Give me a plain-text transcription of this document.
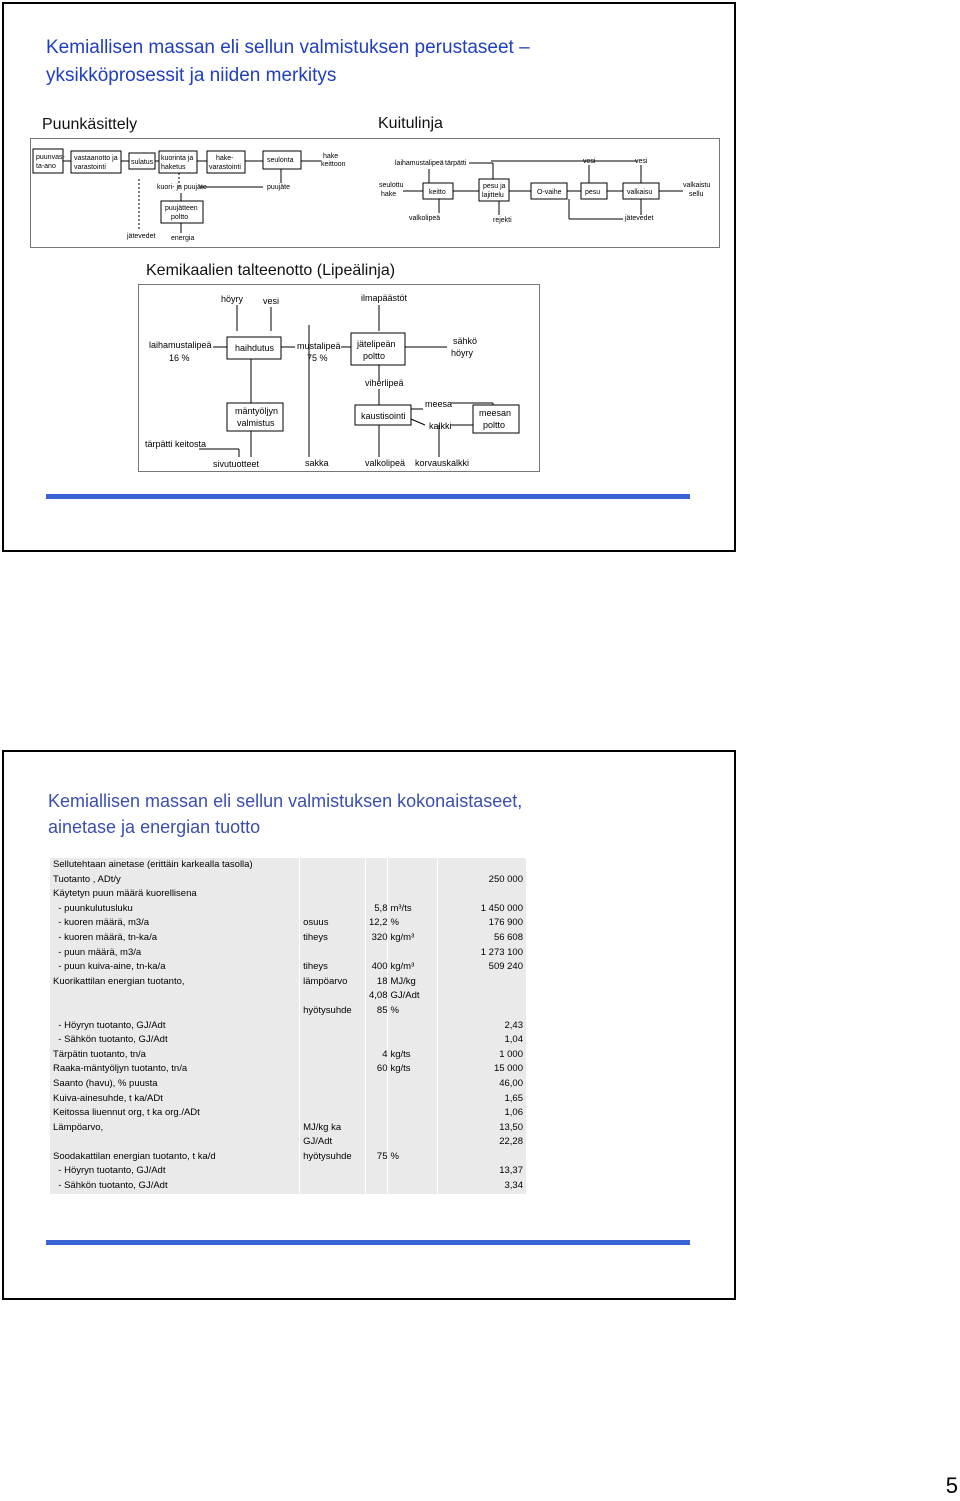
Kemiallisen massan eli sellun valmistuksen perustaseet –
yksikköprosessit ja niiden merkitys
Puunkäsittely	Kuitulinja
puunvas-
ta-ano
vastaanotto ja
varastointi
sulatus
kuorinta ja
haketus
hake-
varastointi
seulonta
hake
keittoon
kuori- ja puujäte	puujäte
puujätteen
poltto
jätevedet energia
laihamustalipeä tärpätti	vesi	vesi
seulottu
hake	keitto
pesu ja
lajittelu	O-vaihe	pesu	valkaisu
valkaistu
sellu
valkolipeä	rejekti	jätevedet
Kemikaalien talteenotto (Lipeälinja)
höyry vesi	ilmapäästöt
laihamustalipeä
16 %
haihdutus	mustalipeä
75 %
jätelipeän
poltto
sähkö
höyry
viherlipeä
mäntyöljyn
valmistus
kaustisointi
meesa
meesan
poltto
kalkki
tärpätti keitosta
sivutuotteet	sakka	valkolipeä korvauskalkki
Kemiallisen massan eli sellun valmistuksen kokonaistaseet,
ainetase ja energian tuotto
Sellutehtaan ainetase (erittäin karkealla tasolla)				
Tuotanto , ADt/y				250 000
Käytetyn puun määrä kuorellisena				
- puunkulutusluku		5,8	m³/ts	1 450 000
- kuoren määrä, m3/a	osuus	12,2	%	176 900
- kuoren määrä, tn-ka/a	tiheys	320	kg/m³	56 608
- puun määrä, m3/a				1 273 100
- puun kuiva-aine, tn-ka/a	tiheys	400	kg/m³	509 240
Kuorikattilan energian tuotanto,	lämpöarvo	18	MJ/kg	
		4,08	GJ/Adt	
	hyötysuhde	85	%	
- Höyryn tuotanto, GJ/Adt				2,43
- Sähkön tuotanto, GJ/Adt				1,04
Tärpätin tuotanto, tn/a		4	kg/ts	1 000
Raaka-mäntyöljyn tuotanto, tn/a		60	kg/ts	15 000
Saanto (havu), % puusta				46,00
Kuiva-ainesuhde, t ka/ADt				1,65
Keitossa liuennut org, t ka org./ADt				1,06
Lämpöarvo,	MJ/kg ka			13,50
	GJ/Adt			22,28
Soodakattilan energian tuotanto, t ka/d	hyötysuhde	75	%	
- Höyryn tuotanto, GJ/Adt				13,37
- Sähkön tuotanto, GJ/Adt				3,34
5
